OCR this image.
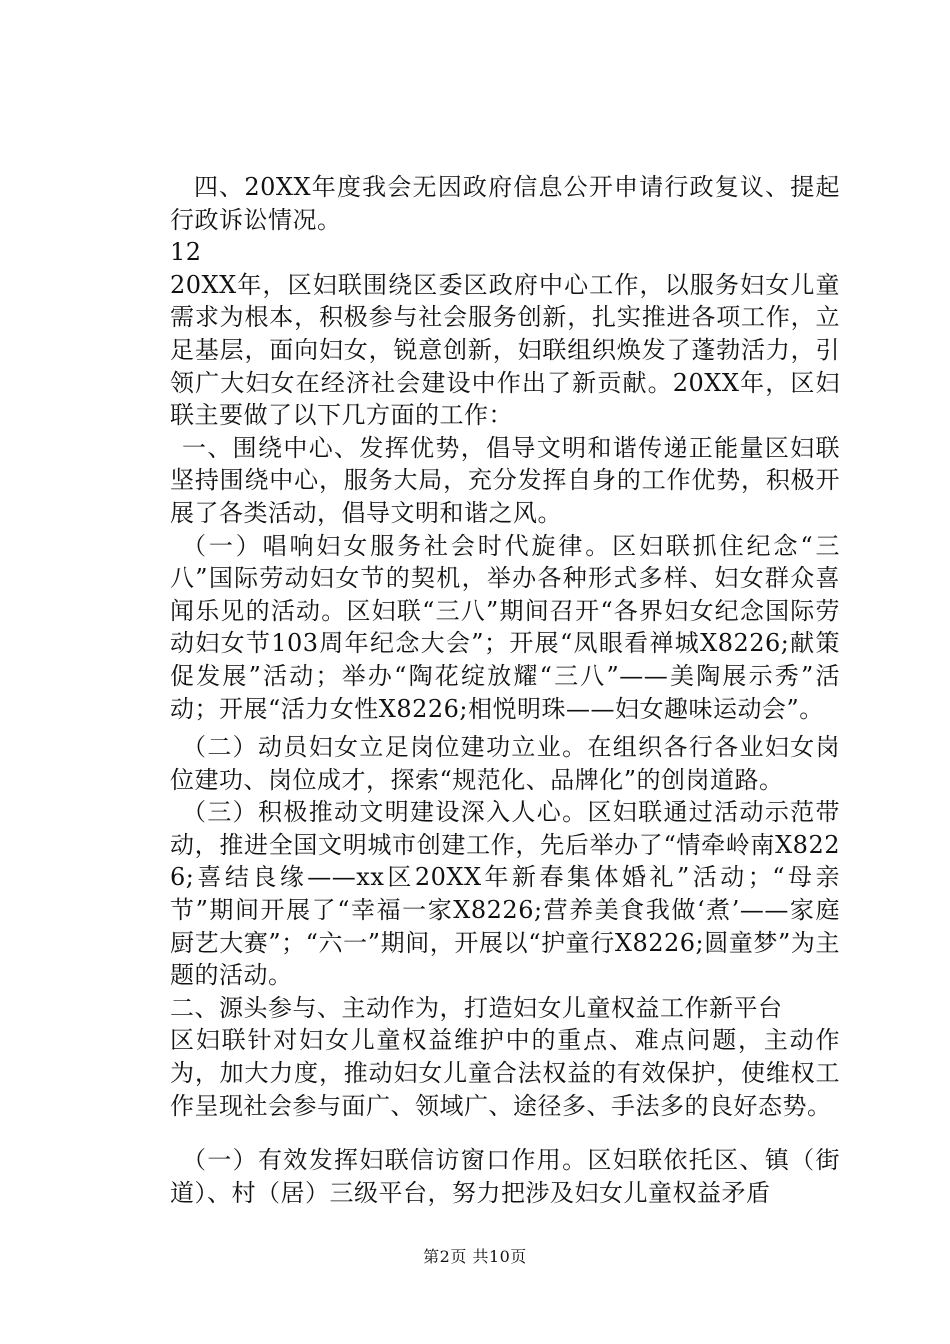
四、20XX年度我会无因政府信息公开申请行政复议、提起行政诉讼情况。

12

20XX年，区妇联围绕区委区政府中心工作，以服务妇女儿童需求为根本，积极参与社会服务创新，扎实推进各项工作，立足基层，面向妇女，锐意创新，妇联组织焕发了蓬勃活力，引领广大妇女在经济社会建设中作出了新贡献。20XX年，区妇联主要做了以下几方面的工作：

一、围绕中心、发挥优势，倡导文明和谐传递正能量区妇联坚持围绕中心，服务大局，充分发挥自身的工作优势，积极开展了各类活动，倡导文明和谐之风。

（一）唱响妇女服务社会时代旋律。区妇联抓住纪念“三八”国际劳动妇女节的契机，举办各种形式多样、妇女群众喜闻乐见的活动。区妇联“三八”期间召开“各界妇女纪念国际劳动妇女节103周年纪念大会”；开展“凤眼看禅城X8226;献策促发展”活动；举办“陶花绽放耀“三八”——美陶展示秀”活动；开展“活力女性X8226;相悦明珠——妇女趣味运动会”。

（二）动员妇女立足岗位建功立业。在组织各行各业妇女岗位建功、岗位成才，探索“规范化、品牌化”的创岗道路。

（三）积极推动文明建设深入人心。区妇联通过活动示范带动，推进全国文明城市创建工作，先后举办了“情牵岭南X8226;喜结良缘——xx区20XX年新春集体婚礼”活动；“母亲节”期间开展了“幸福一家X8226;营养美食我做‘煮’——家庭厨艺大赛”；“六一”期间，开展以“护童行X8226;圆童梦”为主题的活动。

二、源头参与、主动作为，打造妇女儿童权益工作新平台

区妇联针对妇女儿童权益维护中的重点、难点问题，主动作为，加大力度，推动妇女儿童合法权益的有效保护，使维权工作呈现社会参与面广、领域广、途径多、手法多的良好态势。

（一）有效发挥妇联信访窗口作用。区妇联依托区、镇（街道）、村（居）三级平台，努力把涉及妇女儿童权益矛盾

第2页 共10页
